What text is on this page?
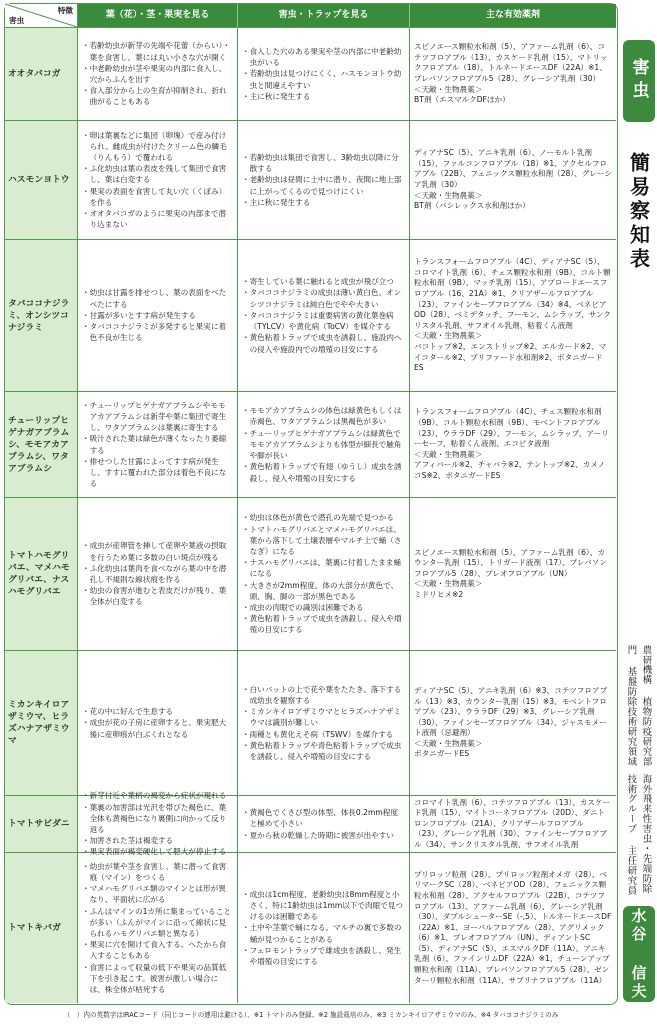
特徴
害虫
葉（花）・茎・果実を見る	害虫・トラップを見る	主な有効薬剤
オオタバコガ
・若齢幼虫が新芽の先端や花蕾（からい）・葉を食害し、葉には丸い小さな穴が開く
・中老齢幼虫が茎や果実の内部に食入し、穴からふんを出す
・食入部分から上の生育が抑制され、折れ曲がることもある
・食入した穴のある果実や茎の内部に中老齢幼虫がいる
・若齢幼虫は見つけにくく、ハスモンヨトウ幼虫と間違えやすい
・主に秋に発生する
スピノエース顆粒水和剤（5）、アファーム乳剤（6）、コテツフロアブル（13）、カスケード乳剤（15）、マトリックフロアブル（18）、トルネードエースDF（22A）※1、プレバソンフロアブル5（28）、グレーシア乳剤（30）
＜天敵・生物農薬＞
BT剤（エスマルクDFほか）
ハスモンヨトウ
・卵は葉裏などに集団（卵塊）で産み付けられ、雌成虫が付けたクリーム色の鱗毛（りんもう）で覆われる
・ふ化幼虫は葉の表皮を残して集団で食害し、葉は白変する
・果実の表面を食害して丸い穴（くぼみ）を作る
・オオタバコガのように果実の内部まで潜り込まない
・若齢幼虫は集団で食害し、3齢幼虫以降に分散する
・老齢幼虫は昼間に土中に潜り、夜間に地上部に上がってくるので見つけにくい
・主に秋に発生する
ディアナSC（5）、アニキ乳剤（6）、ノーモルト乳剤（15）、ファルコンフロアブル（18）※1、アクセルフロアブル（22B）、フェニックス顆粒水和剤（28）、グレーシア乳剤（30）
＜天敵・生物農薬＞
BT剤（バシレックス水和剤ほか）
タバココナジラミ、オンシツコナジラミ
・幼虫は甘露を排せつし、葉の表面をべたべたにする
・甘露が多いとすす病が発生する
・タバココナジラミが多発すると果実に着色不良が生じる
・寄生している葉に触れると成虫が飛び立つ
・タバココナジラミの成虫は薄い黄白色、オンシツコナジラミは純白色でやや大きい
・タバココナジラミは重要病害の黄化葉巻病（TYLCV）や黄化病（ToCV）を媒介する
・黄色粘着トラップで成虫を誘殺し、施設内への侵入や施設内での増殖の目安にする
トランスフォームフロアブル（4C）、ディアナSC（5）、コロマイト乳剤（6）、チェス顆粒水和剤（9B）、コルト顆粒水和剤（9B）、マッチ乳剤（15）、アプロードエースフロアブル（16、21A）※1、クリアザールフロアブル（23）、ファインセーブフロアブル（34）※4、ベネビアOD（28）、ベミデタッチ、フーモン、ムシラップ、サンクリスタル乳剤、サフオイル乳剤、粘着くん液剤
＜天敵・生物農薬＞
バコトップ※2、エンストリップ※2、エルカード※2、マイコタール※2、プリファード水和剤※2、ボタニガードES
チューリップヒゲナガアブラムシ、モモアカアブラムシ、ワタアブラムシ
・チューリップヒゲナガアブラムシやモモアカアブラムシは新芽や葉に集団で寄生し、ワタアブラムシは葉裏に寄生する
・吸汁された葉は緑色が薄くなったり萎縮する
・排せつした甘露によってすす病が発生し、すすに覆われた部分は着色不良になる
・モモアカアブラムシの体色は緑黄色もしくは赤褐色、ワタアブラムシは黒褐色が多い
・チューリップヒゲナガアブラムシは緑黄色でモモアカアブラムシよりも体型が細長で触角や脚が長い
・黄色粘着トラップで有翅（ゆうし）成虫を誘殺し、侵入や増殖の目安にする
トランスフォームフロアブル（4C）、チェス顆粒水和剤（9B）、コルト顆粒水和剤（9B）、モベントフロアブル（23）、ウララDF（29）、フーモン、ムシラップ、アーリーセーフ、粘着くん液剤、エコピタ液剤
＜天敵・生物農薬＞
アフィバール※2、チャバラ※2、テントップ※2、カメノコS※2、ボタニガードES
トマトハモグリバエ、マメハモグリバエ、ナスハモグリバエ
・成虫が産卵管を挿して産卵や葉液の摂取を行うため葉に多数の白い斑点が残る
・ふ化幼虫は葉肉を食べながら葉の中を潜孔し不規則な線状痕を作る
・幼虫の食害が進むと表皮だけが残り、葉全体が白変する
・幼虫は体色が黄色で潜孔の先端で見つかる
・トマトハモグリバエとマメハモグリバエは、葉から落下して土壌表層やマルチ上で蛹（さなぎ）になる
・ナスハモグリバエは、葉裏に付着したまま蛹になる
・大きさが2mm程度、体の大部分が黄色で、頭、胸、脚の一部が黒色である
・成虫の肉眼での識別は困難である
・黄色粘着トラップで成虫を誘殺し、侵入や増殖の目安にする
スピノエース顆粒水和剤（5）、アファーム乳剤（6）、カウンター乳剤（15）、トリガード液剤（17）、プレバソンフロアブル5（28）、プレオフロアブル（UN）
＜天敵・生物農薬＞
ミドリヒメ※2
ミカンキイロアザミウマ、ヒラズハナアザミウマ
・花の中に好んで生息する
・成虫が花の子房に産卵すると、果実肥大後に産卵痕が白ぶくれとなる
・白いバットの上で花や葉をたたき、落下する成幼虫を観察する
・ミカンキイロアザミウマとヒラズハナアザミウマは識別が難しい
・両種とも黄化えそ病（TSWV）を媒介する
・黄色粘着トラップや青色粘着トラップで成虫を誘殺し、侵入や増殖の目安にする
ディアナSC（5）、アニキ乳剤（6）※3、コテツフロアブル（13）※3、カウンター乳剤（15）※3、モベントフロアブル（23）、ウララDF（29）※3、グレーシア乳剤（30）、ファインセーブフロアブル（34）、ジャスモメート液剤（忌避剤）
＜天敵・生物農薬＞
ボタニガードES
トマトサビダニ
・新芽付近や葉柄の褐変から症状が現れる
・葉裏の加害部は光沢を帯びた褐色に、葉全体も黄褐色になり裏側に向かって反り返る
・加害された茎は褐変する
・果実表面が褐変硬化して肥大が停止する
・黄褐色でくさび型の体型、体長0.2mm程度と極めて小さい
・夏から秋の乾燥した時期に被害が出やすい
コロマイト乳剤（6）、コテツフロアブル（13）、カスケード乳剤（15）、マイトコーネフロアブル（20D）、ダニトロンフロアブル（21A）、クリアザールフロアブル（23）、グレーシア乳剤（30）、ファインセーブフロアブル（34）、サンクリスタル乳剤、サフオイル乳剤
トマトキバガ
・幼虫が葉や茎を食害し、葉に潜って食害痕（マイン）をつくる
・マメハモグリバエ類のマインとは形が異なり、平面状に広がる
・ふんはマインの1カ所に集まっていることが多い（ふんがマインに沿って線状に見られるハモグリバエ類と異なる）
・果実に穴を開けて食入する。へたから食入することもある
・食害によって収量の低下や果実の品質低下を引き起こす。被害が激しい場合には、株全体が枯死する
・成虫は1cm程度、老齢幼虫は8mm程度と小さく、特に1齢幼虫は1mm以下で肉眼で見つけるのは困難である
・土中や茎葉で蛹になる。マルチの裏で多数の蛹が見つかることがある
・フェロモントラップで雄成虫を誘殺し、発生や増殖の目安にする
プリロッソ粒剤（28）、プリロッソ粒剤オメガ（28）、ベリマークSC（28）、ベネビアOD（28）、フェニックス顆粒水和剤（28）、アクセルフロアブル（22B）、コテツフロアブル（13）、アファーム乳剤（6）、グレーシア乳剤（30）、ダブルシューターSE（-,5）、トルネードエースDF（22A）※1、ヨーバルフロアブル（28）、アグリメック（6）※1、プレオフロアブル（UN）、ディアントSC（5）、ディアナSC（5）、エスマルクDF（11A）、アニキ乳剤（6）、ファインリムDF（22A）※1、チューンアップ顆粒水和剤（11A）、プレバソンフロアブル5（28）、ゼンターリ顆粒水和剤（11A）、サブリナフロアブル（11A）
（　）内の英数字はIRACコード（同じコードの連用は避ける）、※1 トマトのみ登録、※2 施設栽培のみ、※3 ミカンキイロアザミウマのみ、※4 タバココナジラミのみ
害虫
簡易察知表
農研機構 植物防疫研究部門 基盤防除技術研究領域
海外飛来性害虫・先端防除技術グループ 主任研究員
水谷 信夫
